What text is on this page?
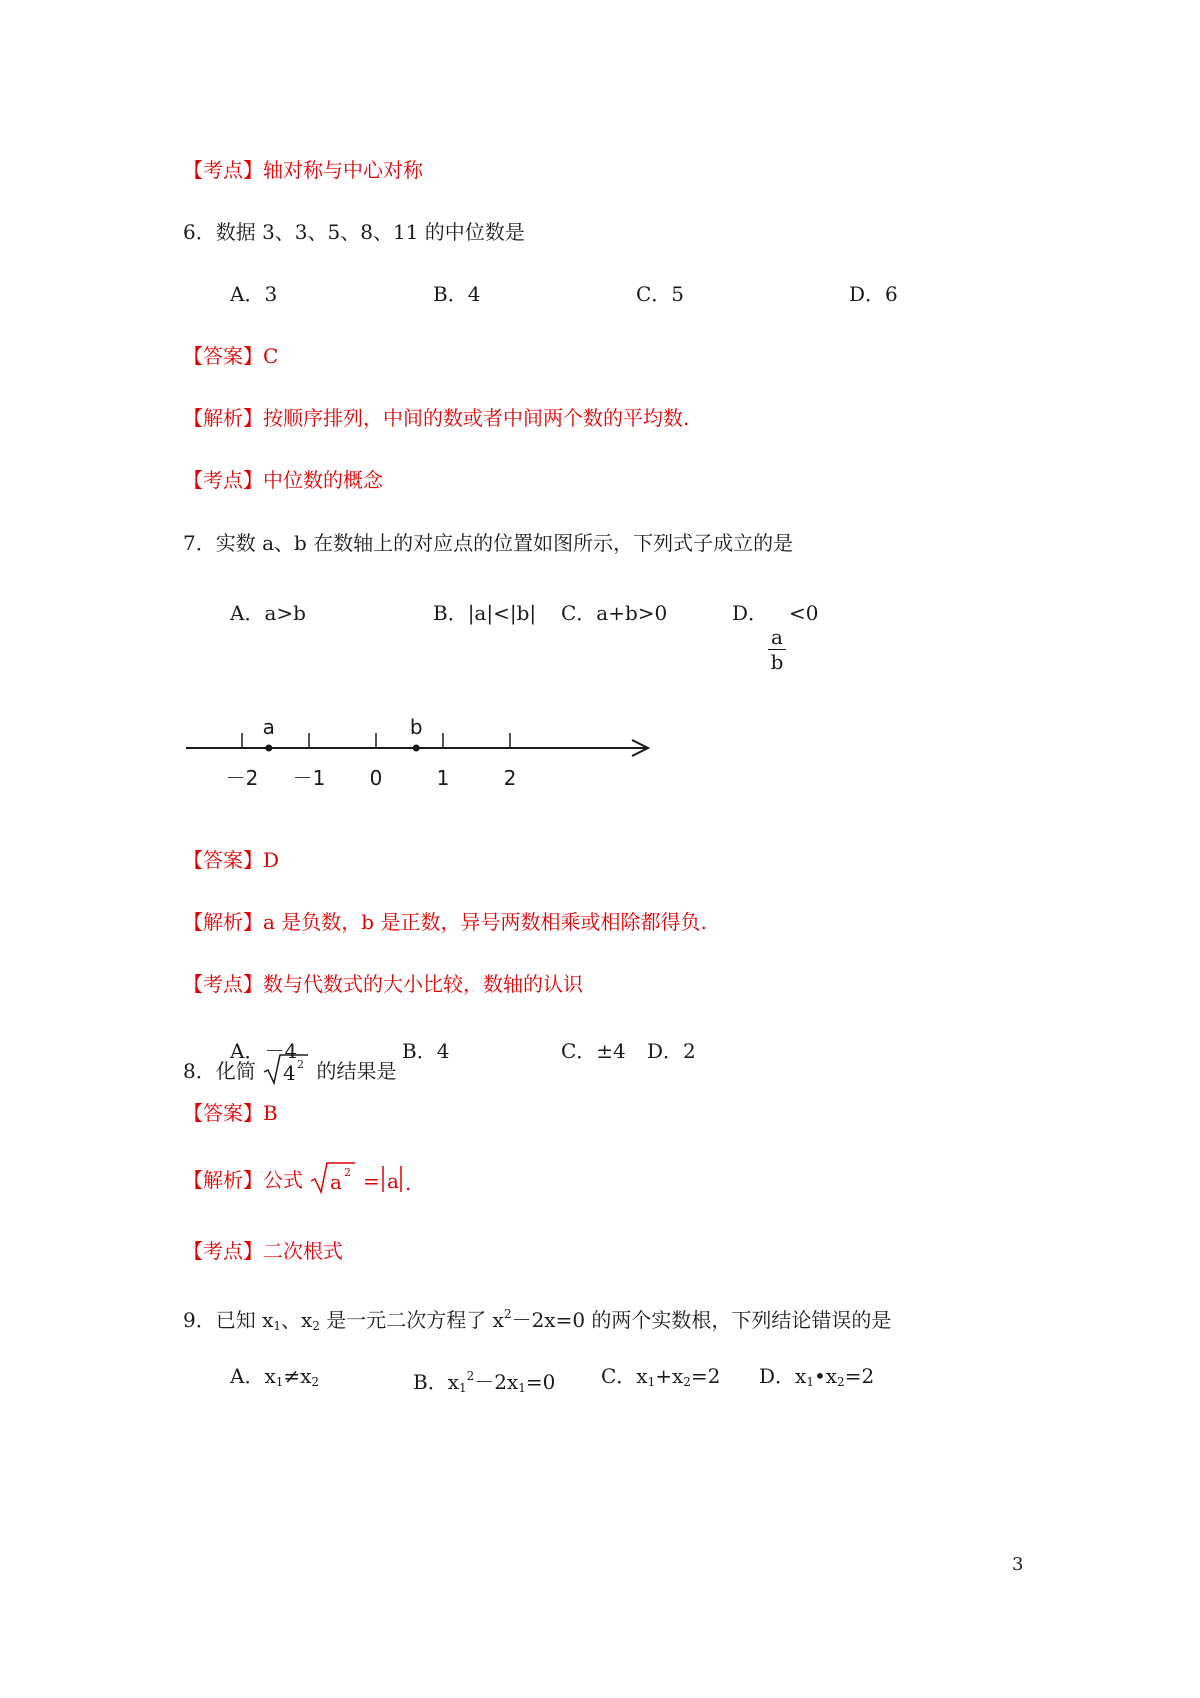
【考点】轴对称与中心对称
6．数据 3、3、5、8、11 的中位数是
A．3	B．4	C．5	D．6
【答案】C
【解析】按顺序排列，中间的数或者中间两个数的平均数.
【考点】中位数的概念
7．实数 a、b 在数轴上的对应点的位置如图所示，下列式子成立的是
A．a>b	B．|a|<|b| C．a+b>0	D．
a
b
<0
－2 －1 0	1	2
a	b
【答案】D
【解析】a 是负数，b 是正数，异号两数相乘或相除都得负.
【考点】数与代数式的大小比较，数轴的认识
8．化简 4 2 的结果是
A．－4	B．4	C．±4 D．2
【答案】B
【解析】公式 a 2 = a .
【考点】二次根式
9．已知 $x_1$、$x_2$ 是一元二次方程了 $x^2-2x=0$ 的两个实数根，下列结论错误的是
A．$x_1\ne x_2$	B．$x_1^2-2x_1=0$ C．$x_1+x_2=2$ D．$x_1•x_2=2$
3
